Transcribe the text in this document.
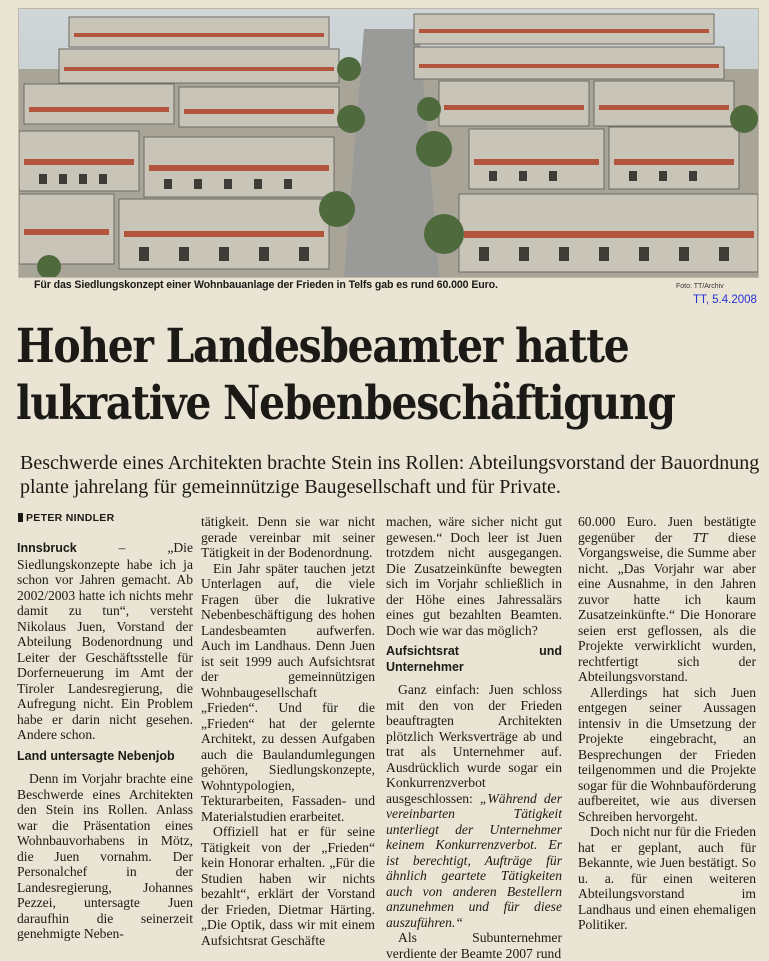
Für das Siedlungskonzept einer Wohnbauanlage der Frieden in Telfs gab es rund 60.000 Euro.	Foto: TT/Archiv
TT, 5.4.2008
Hoher Landesbeamter hatte
lukrative Nebenbeschäftigung

Beschwerde eines Architekten brachte Stein ins Rollen: Abteilungsvorstand der Bauordnung plante jahrelang für gemeinnützige Baugesellschaft und für Private.

PETER NINDLER

Innsbruck – „Die Siedlungskonzepte habe ich ja schon vor Jahren gemacht. Ab 2002/2003 hatte ich nichts mehr damit zu tun“, versteht Nikolaus Juen, Vorstand der Abteilung Bodenordnung und Leiter der Geschäftsstelle für Dorferneuerung im Amt der Tiroler Landesregierung, die Aufregung nicht. Ein Problem habe er darin nicht gesehen. Andere schon.

Land untersagte Nebenjob

Denn im Vorjahr brachte eine Beschwerde eines Architekten den Stein ins Rollen. Anlass war die Präsentation eines Wohnbauvorhabens in Mötz, die Juen vornahm. Der Personalchef in der Landesregierung, Johannes Pezzei, untersagte Juen daraufhin die seinerzeit genehmigte Neben-

tätigkeit. Denn sie war nicht gerade vereinbar mit seiner Tätigkeit in der Bodenordnung.

Ein Jahr später tauchen jetzt Unterlagen auf, die viele Fragen über die lukrative Nebenbeschäftigung des hohen Landesbeamten aufwerfen. Auch im Landhaus. Denn Juen ist seit 1999 auch Aufsichtsrat der gemeinnützigen Wohnbaugesellschaft „Frieden“. Und für die „Frieden“ hat der gelernte Architekt, zu dessen Aufgaben auch die Baulandumlegungen gehören, Siedlungskonzepte, Wohntypologien, Tekturarbeiten, Fassaden- und Materialstudien erarbeitet.

Offiziell hat er für seine Tätigkeit von der „Frieden“ kein Honorar erhalten. „Für die Studien haben wir nichts bezahlt“, erklärt der Vorstand der Frieden, Dietmar Härting. „Die Optik, dass wir mit einem Aufsichtsrat Geschäfte

machen, wäre sicher nicht gut gewesen.“ Doch leer ist Juen trotzdem nicht ausgegangen. Die Zusatzeinkünfte bewegten sich im Vorjahr schließlich in der Höhe eines Jahressalärs eines gut bezahlten Beamten. Doch wie war das möglich?

Aufsichtsrat und Unternehmer

Ganz einfach: Juen schloss mit den von der Frieden beauftragten Architekten plötzlich Werksverträge ab und trat als Unternehmer auf. Ausdrücklich wurde sogar ein Konkurrenzverbot ausgeschlossen: „Während der vereinbarten Tätigkeit unterliegt der Unternehmer keinem Konkurrenzverbot. Er ist berechtigt, Aufträge für ähnlich geartete Tätigkeiten auch von anderen Bestellern anzunehmen und für diese auszuführen.“

Als Subunternehmer verdiente der Beamte 2007 rund

60.000 Euro. Juen bestätigte gegenüber der TT diese Vorgangsweise, die Summe aber nicht. „Das Vorjahr war aber eine Ausnahme, in den Jahren zuvor hatte ich kaum Zusatzeinkünfte.“ Die Honorare seien erst geflossen, als die Projekte verwirklicht wurden, rechtfertigt sich der Abteilungsvorstand.

Allerdings hat sich Juen entgegen seiner Aussagen intensiv in die Umsetzung der Projekte eingebracht, an Besprechungen der Frieden teilgenommen und die Projekte sogar für die Wohnbauförderung aufbereitet, wie aus diversen Schreiben hervorgeht.

Doch nicht nur für die Frieden hat er geplant, auch für Bekannte, wie Juen bestätigt. So u. a. für einen weiteren Abteilungsvorstand im Landhaus und einen ehemaligen Politiker.
